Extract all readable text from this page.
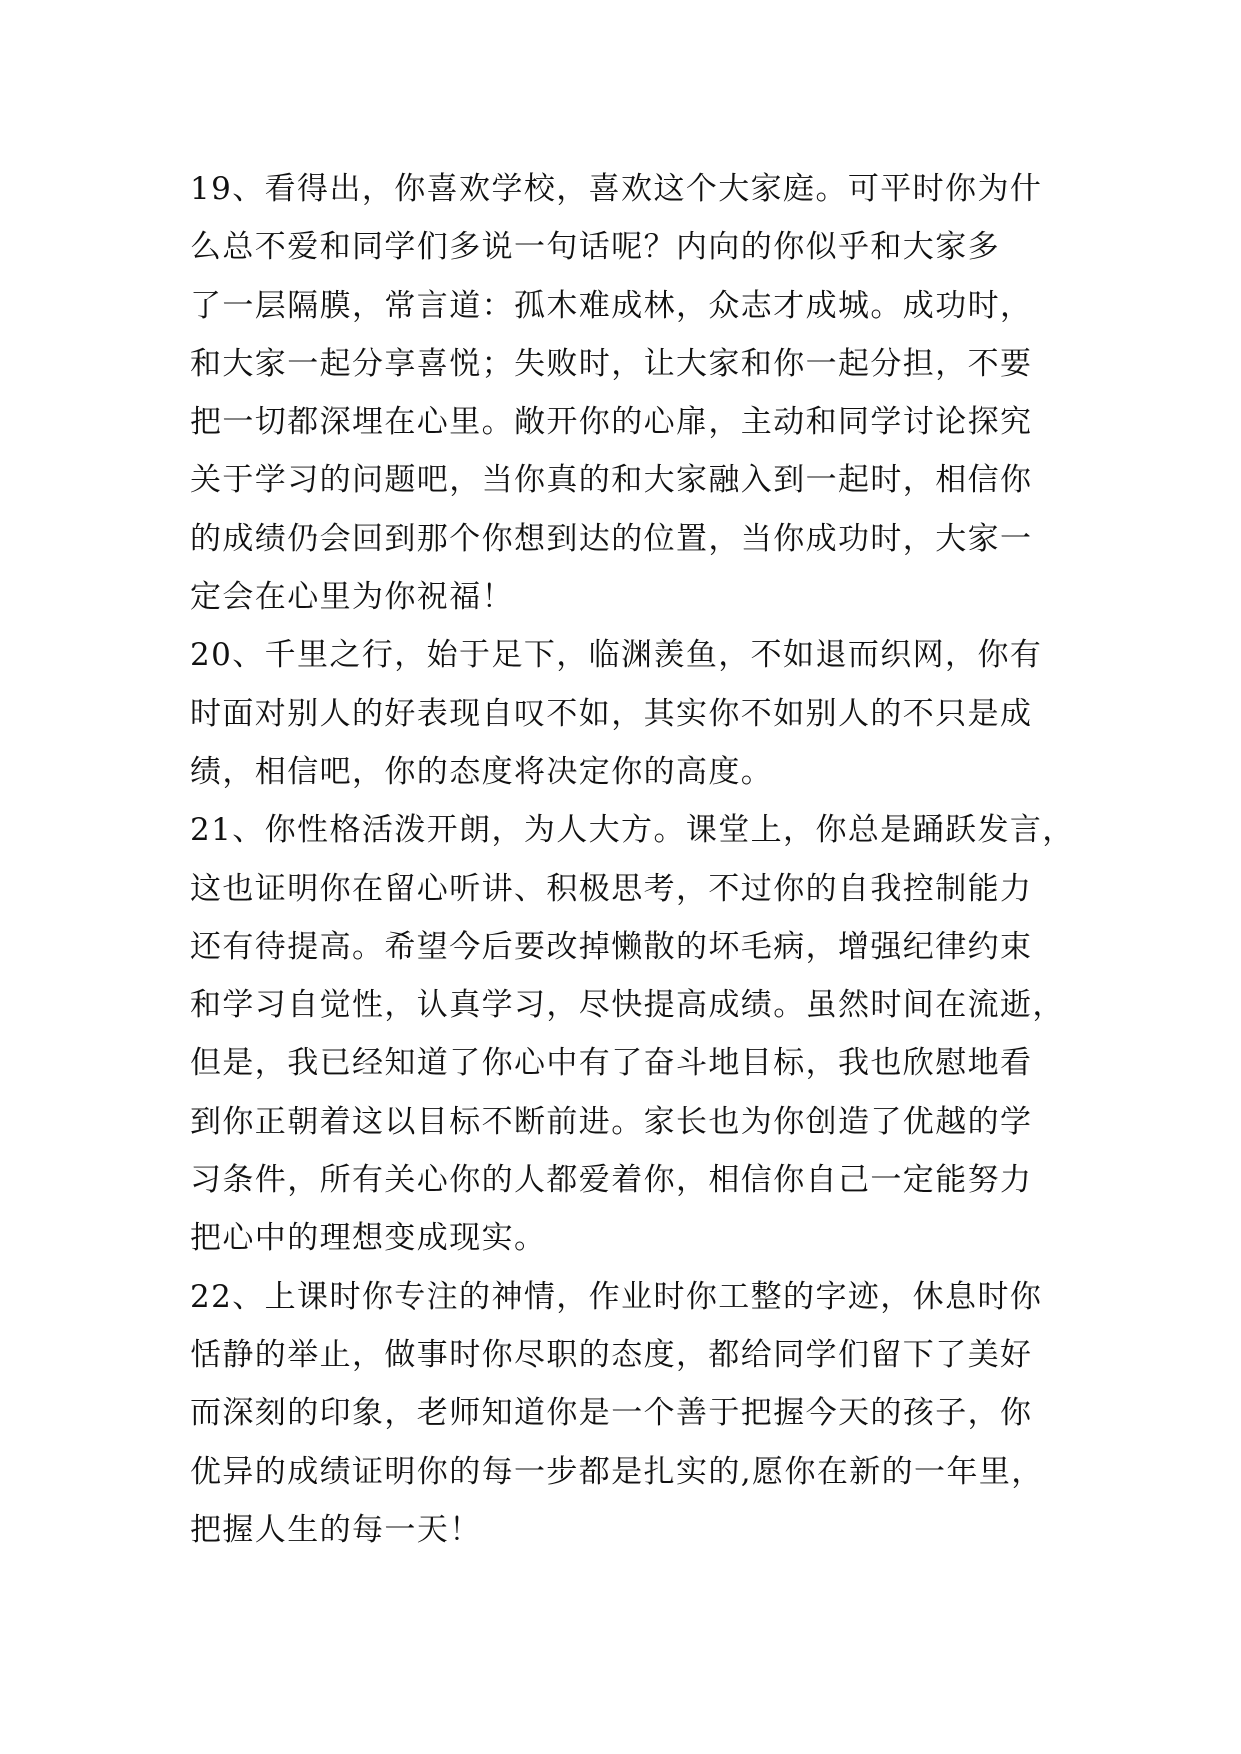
19、看得出，你喜欢学校，喜欢这个大家庭。可平时你为什
么总不爱和同学们多说一句话呢？内向的你似乎和大家多
了一层隔膜，常言道：孤木难成林，众志才成城。成功时，
和大家一起分享喜悦；失败时，让大家和你一起分担，不要
把一切都深埋在心里。敞开你的心扉，主动和同学讨论探究
关于学习的问题吧，当你真的和大家融入到一起时，相信你
的成绩仍会回到那个你想到达的位置，当你成功时，大家一
定会在心里为你祝福！
20、千里之行，始于足下，临渊羡鱼，不如退而织网，你有
时面对别人的好表现自叹不如，其实你不如别人的不只是成
绩，相信吧，你的态度将决定你的高度。
21、你性格活泼开朗，为人大方。课堂上，你总是踊跃发言，
这也证明你在留心听讲、积极思考，不过你的自我控制能力
还有待提高。希望今后要改掉懒散的坏毛病，增强纪律约束
和学习自觉性，认真学习，尽快提高成绩。虽然时间在流逝，
但是，我已经知道了你心中有了奋斗地目标，我也欣慰地看
到你正朝着这以目标不断前进。家长也为你创造了优越的学
习条件，所有关心你的人都爱着你，相信你自己一定能努力
把心中的理想变成现实。
22、上课时你专注的神情，作业时你工整的字迹，休息时你
恬静的举止，做事时你尽职的态度，都给同学们留下了美好
而深刻的印象，老师知道你是一个善于把握今天的孩子，你
优异的成绩证明你的每一步都是扎实的,愿你在新的一年里，
把握人生的每一天！
